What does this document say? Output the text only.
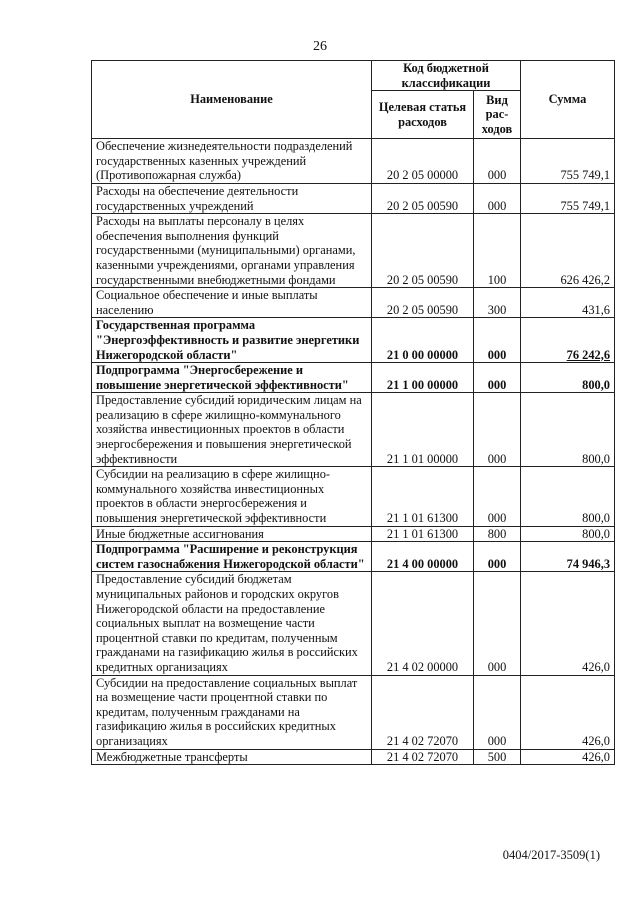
26
Наименование	Код бюджетной классификации		Сумма
	Целевая статья расходов	Вид рас-ходов	
Обеспечение жизнедеятельности подразделений государственных казенных учреждений (Противопожарная служба)	20 2 05 00000	000	755 749,1
Расходы на обеспечение деятельности государственных учреждений	20 2 05 00590	000	755 749,1
Расходы на выплаты персоналу в целях обеспечения выполнения функций государственными (муниципальными) органами, казенными учреждениями, органами управления государственными внебюджетными фондами	20 2 05 00590	100	626 426,2
Социальное обеспечение и иные выплаты населению	20 2 05 00590	300	431,6
Государственная программа "Энергоэффективность и развитие энергетики Нижегородской области"	21 0 00 00000	000	76 242,6
Подпрограмма "Энергосбережение и повышение энергетической эффективности"	21 1 00 00000	000	800,0
Предоставление субсидий юридическим лицам на реализацию в сфере жилищно-коммунального хозяйства инвестиционных проектов в области энергосбережения и повышения энергетической эффективности	21 1 01 00000	000	800,0
Субсидии на реализацию в сфере жилищно-коммунального хозяйства инвестиционных проектов в области энергосбережения и повышения энергетической эффективности	21 1 01 61300	000	800,0
Иные бюджетные ассигнования	21 1 01 61300	800	800,0
Подпрограмма "Расширение и реконструкция систем газоснабжения Нижегородской области"	21 4 00 00000	000	74 946,3
Предоставление субсидий бюджетам муниципальных районов и городских округов Нижегородской области на предоставление социальных выплат на возмещение части процентной ставки по кредитам, полученным гражданами на газификацию жилья в российских кредитных организациях	21 4 02 00000	000	426,0
Субсидии на предоставление социальных выплат на возмещение части процентной ставки по кредитам, полученным гражданами на газификацию жилья в российских кредитных организациях	21 4 02 72070	000	426,0
Межбюджетные трансферты	21 4 02 72070	500	426,0
0404/2017-3509(1)
